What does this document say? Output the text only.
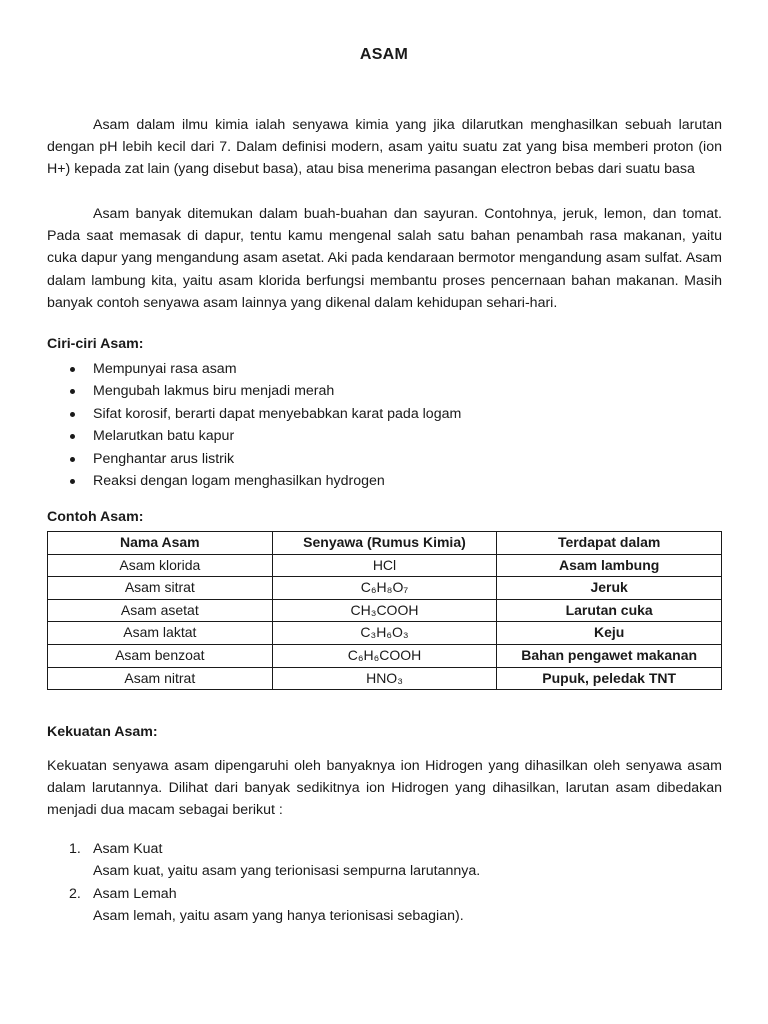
ASAM

Asam dalam ilmu kimia ialah senyawa kimia yang jika dilarutkan menghasilkan sebuah larutan dengan pH lebih kecil dari 7. Dalam definisi modern, asam yaitu suatu zat yang bisa memberi proton (ion H+) kepada zat lain (yang disebut basa), atau bisa menerima pasangan electron bebas dari suatu basa

Asam banyak ditemukan dalam buah-buahan dan sayuran. Contohnya, jeruk, lemon, dan tomat. Pada saat memasak di dapur, tentu kamu mengenal salah satu bahan penambah rasa makanan, yaitu cuka dapur yang mengandung asam asetat. Aki pada kendaraan bermotor mengandung asam sulfat. Asam dalam lambung kita, yaitu asam klorida berfungsi membantu proses pencernaan bahan makanan. Masih banyak contoh senyawa asam lainnya yang dikenal dalam kehidupan sehari-hari.

Ciri-ciri Asam:

Mempunyai rasa asam
Mengubah lakmus biru menjadi merah
Sifat korosif, berarti dapat menyebabkan karat pada logam
Melarutkan batu kapur
Penghantar arus listrik
Reaksi dengan logam menghasilkan hydrogen

Contoh Asam:

Nama Asam	Senyawa (Rumus Kimia)	Terdapat dalam
Asam klorida	HCl	Asam lambung
Asam sitrat	C₆H₈O₇	Jeruk
Asam asetat	CH₃COOH	Larutan cuka
Asam laktat	C₃H₆O₃	Keju
Asam benzoat	C₆H₆COOH	Bahan pengawet makanan
Asam nitrat	HNO₃	Pupuk, peledak TNT

Kekuatan Asam:

Kekuatan senyawa asam dipengaruhi oleh banyaknya ion Hidrogen yang dihasilkan oleh senyawa asam dalam larutannya. Dilihat dari banyak sedikitnya ion Hidrogen yang dihasilkan, larutan asam dibedakan menjadi dua macam sebagai berikut :

1. Asam Kuat
Asam kuat, yaitu asam yang terionisasi sempurna larutannya.
2. Asam Lemah
Asam lemah, yaitu asam yang hanya terionisasi sebagian).
